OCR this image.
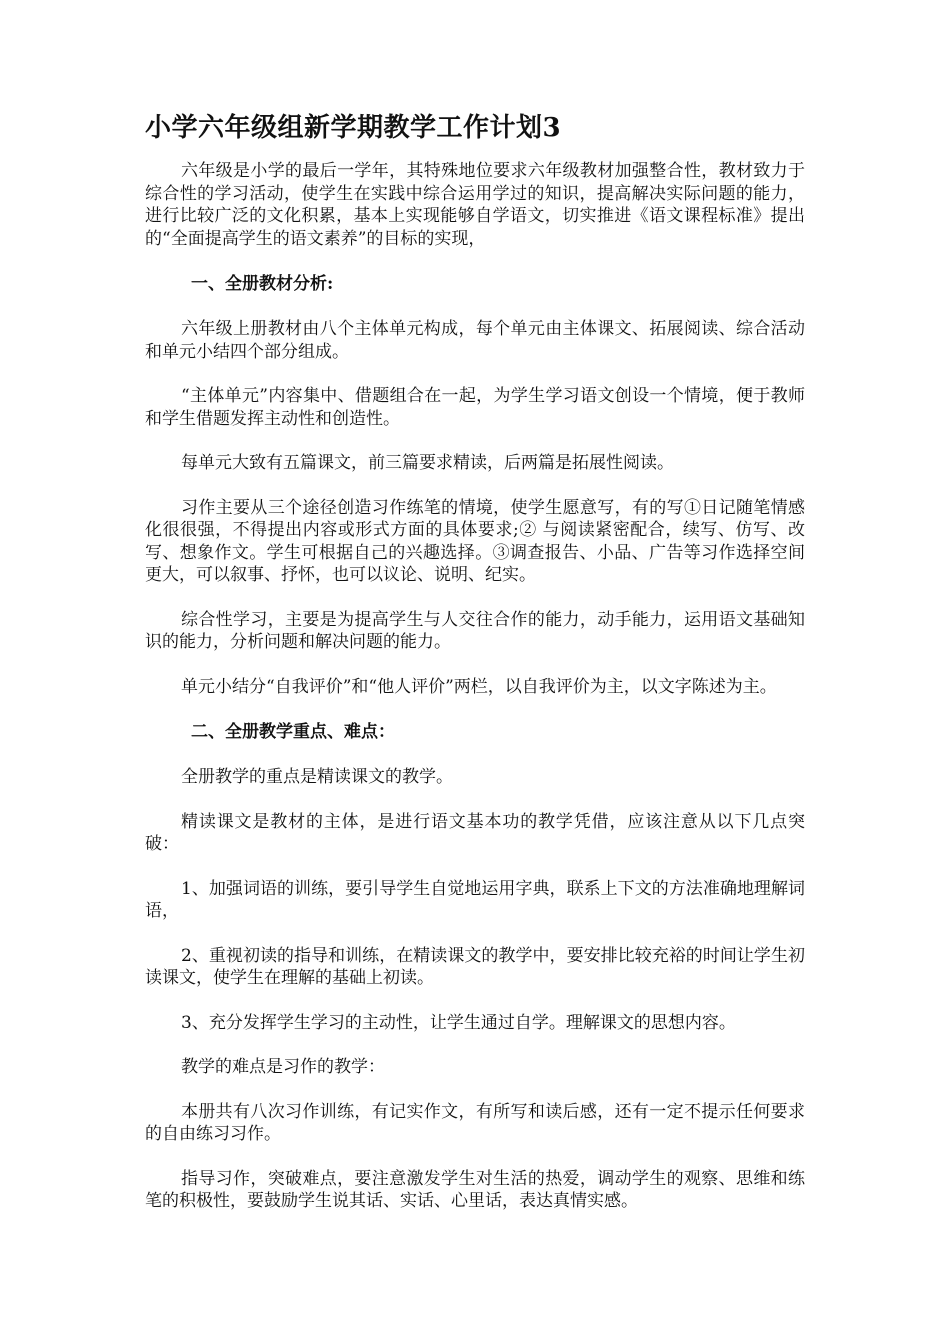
小学六年级组新学期教学工作计划3

六年级是小学的最后一学年，其特殊地位要求六年级教材加强整合性，教材致力于综合性的学习活动，使学生在实践中综合运用学过的知识，提高解决实际问题的能力，进行比较广泛的文化积累，基本上实现能够自学语文，切实推进《语文课程标准》提出的“全面提高学生的语文素养”的目标的实现，

一、全册教材分析:

六年级上册教材由八个主体单元构成，每个单元由主体课文、拓展阅读、综合活动和单元小结四个部分组成。

“主体单元”内容集中、借题组合在一起，为学生学习语文创设一个情境，便于教师和学生借题发挥主动性和创造性。

每单元大致有五篇课文，前三篇要求精读，后两篇是拓展性阅读。

习作主要从三个途径创造习作练笔的情境，使学生愿意写，有的写①日记随笔情感化很很强，不得提出内容或形式方面的具体要求;② 与阅读紧密配合，续写、仿写、改写、想象作文。学生可根据自己的兴趣选择。③调查报告、小品、广告等习作选择空间更大，可以叙事、抒怀，也可以议论、说明、纪实。

综合性学习，主要是为提高学生与人交往合作的能力，动手能力，运用语文基础知识的能力，分析问题和解决问题的能力。

单元小结分“自我评价”和“他人评价”两栏，以自我评价为主，以文字陈述为主。

二、全册教学重点、难点：

全册教学的重点是精读课文的教学。

精读课文是教材的主体，是进行语文基本功的教学凭借，应该注意从以下几点突破：

1、加强词语的训练，要引导学生自觉地运用字典，联系上下文的方法准确地理解词语，

2、重视初读的指导和训练，在精读课文的教学中，要安排比较充裕的时间让学生初读课文，使学生在理解的基础上初读。

3、充分发挥学生学习的主动性，让学生通过自学。理解课文的思想内容。

教学的难点是习作的教学：

本册共有八次习作训练，有记实作文，有所写和读后感，还有一定不提示任何要求的自由练习习作。

指导习作，突破难点，要注意激发学生对生活的热爱，调动学生的观察、思维和练笔的积极性，要鼓励学生说其话、实话、心里话，表达真情实感。
